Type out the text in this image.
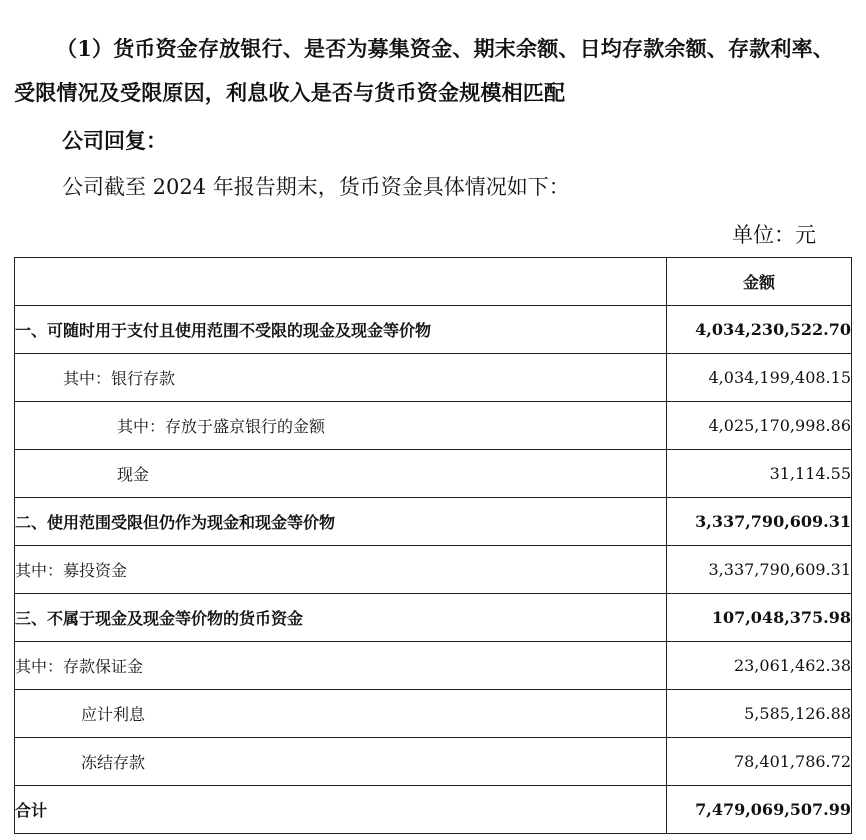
（1）货币资金存放银行、是否为募集资金、期末余额、日均存款余额、存款利率、受限情况及受限原因，利息收入是否与货币资金规模相匹配
公司回复：
公司截至 2024 年报告期末，货币资金具体情况如下：
单位：元
	金额
一、可随时用于支付且使用范围不受限的现金及现金等价物	4,034,230,522.70
其中：银行存款	4,034,199,408.15
其中：存放于盛京银行的金额	4,025,170,998.86
现金	31,114.55
二、使用范围受限但仍作为现金和现金等价物	3,337,790,609.31
其中：募投资金	3,337,790,609.31
三、不属于现金及现金等价物的货币资金	107,048,375.98
其中：存款保证金	23,061,462.38
应计利息	5,585,126.88
冻结存款	78,401,786.72
合计	7,479,069,507.99
